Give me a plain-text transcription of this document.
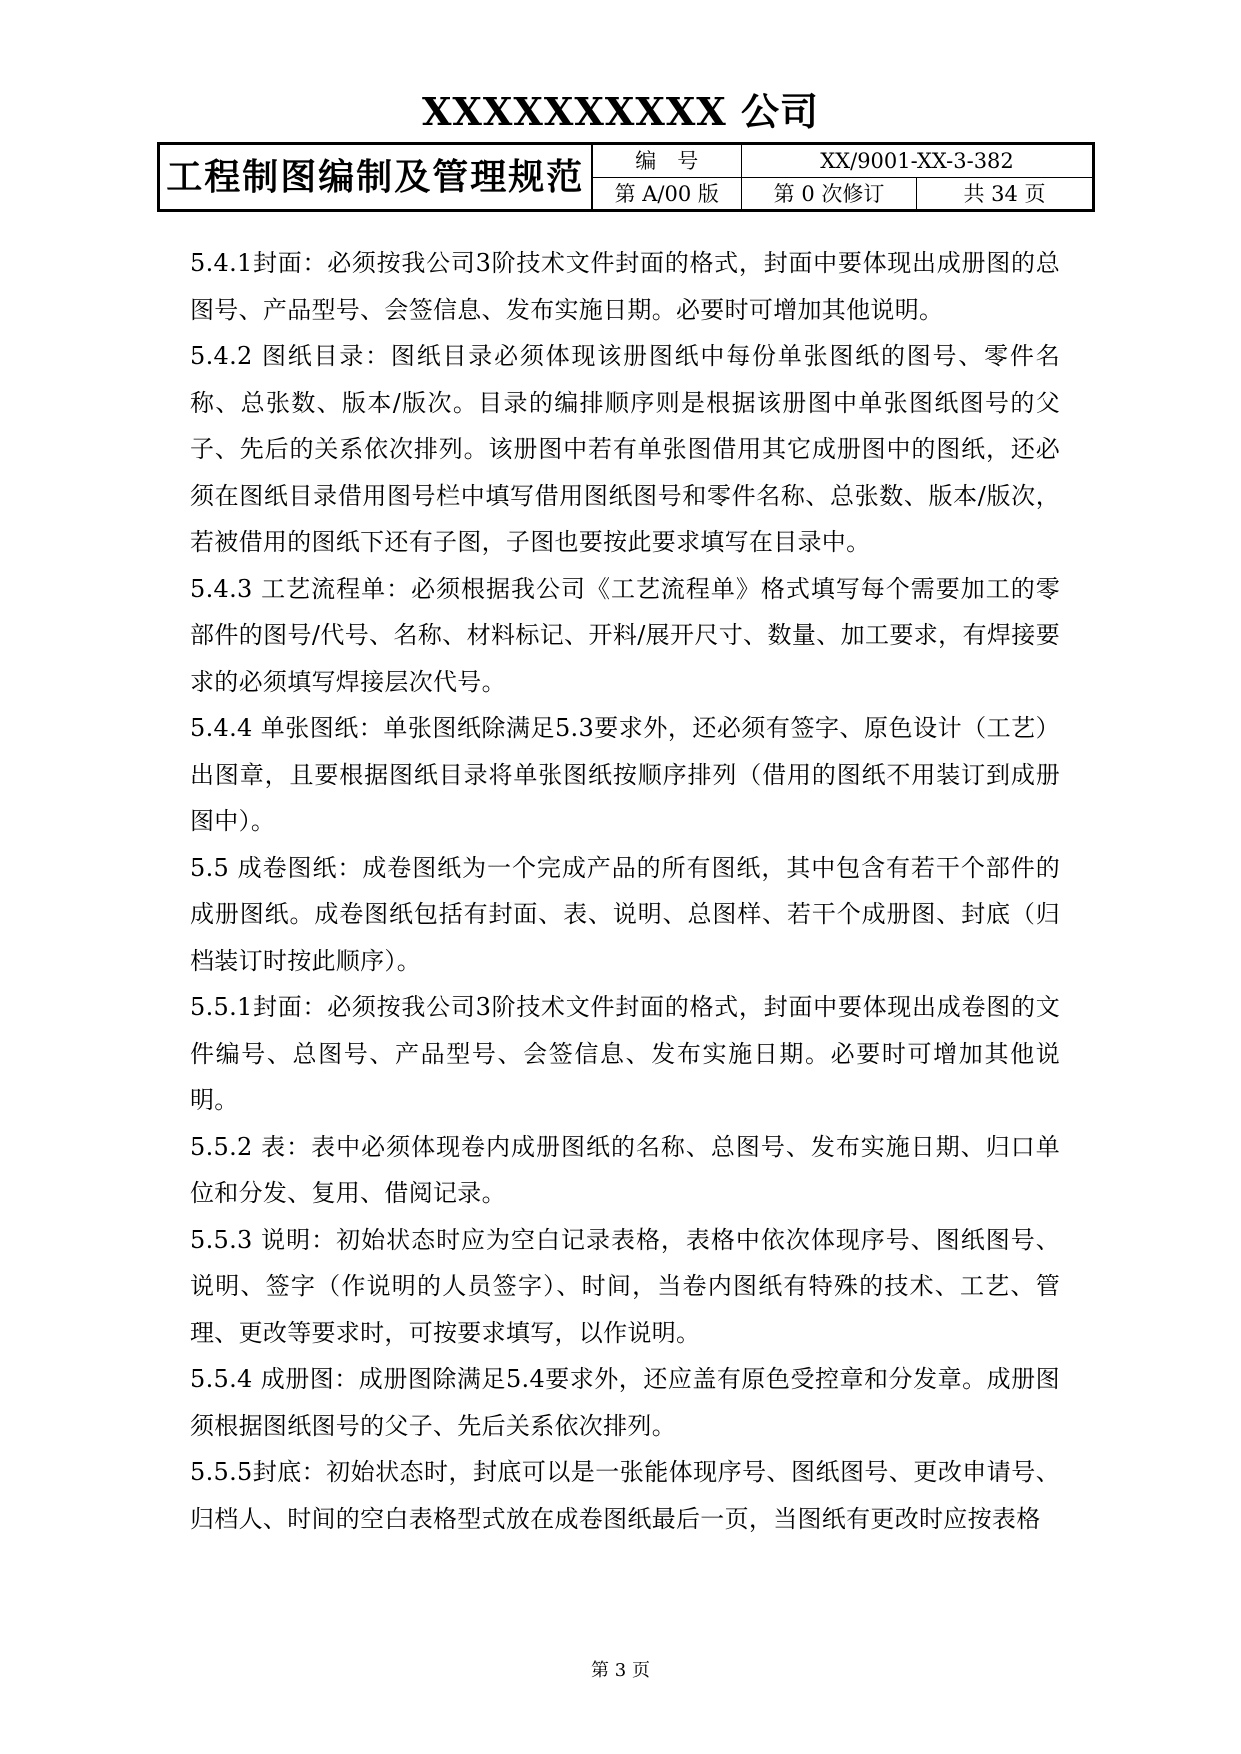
XXXXXXXXXX 公司
工程制图编制及管理规范	编　号	XX/9001-XX-3-382	
	第 A/00 版	第 0 次修订	共 34 页

5.4.1封面：必须按我公司3阶技术文件封面的格式，封面中要体现出成册图的总图号、产品型号、会签信息、发布实施日期。必要时可增加其他说明。

5.4.2 图纸目录：图纸目录必须体现该册图纸中每份单张图纸的图号、零件名称、总张数、版本/版次。目录的编排顺序则是根据该册图中单张图纸图号的父子、先后的关系依次排列。该册图中若有单张图借用其它成册图中的图纸，还必须在图纸目录借用图号栏中填写借用图纸图号和零件名称、总张数、版本/版次，若被借用的图纸下还有子图，子图也要按此要求填写在目录中。

5.4.3 工艺流程单：必须根据我公司《工艺流程单》格式填写每个需要加工的零部件的图号/代号、名称、材料标记、开料/展开尺寸、数量、加工要求，有焊接要求的必须填写焊接层次代号。

5.4.4 单张图纸：单张图纸除满足5.3要求外，还必须有签字、原色设计（工艺）出图章，且要根据图纸目录将单张图纸按顺序排列（借用的图纸不用装订到成册图中）。

5.5 成卷图纸：成卷图纸为一个完成产品的所有图纸，其中包含有若干个部件的成册图纸。成卷图纸包括有封面、表、说明、总图样、若干个成册图、封底（归档装订时按此顺序）。

5.5.1封面：必须按我公司3阶技术文件封面的格式，封面中要体现出成卷图的文件编号、总图号、产品型号、会签信息、发布实施日期。必要时可增加其他说明。

5.5.2 表：表中必须体现卷内成册图纸的名称、总图号、发布实施日期、归口单位和分发、复用、借阅记录。

5.5.3 说明：初始状态时应为空白记录表格，表格中依次体现序号、图纸图号、说明、签字（作说明的人员签字）、时间，当卷内图纸有特殊的技术、工艺、管理、更改等要求时，可按要求填写，以作说明。

5.5.4 成册图：成册图除满足5.4要求外，还应盖有原色受控章和分发章。成册图须根据图纸图号的父子、先后关系依次排列。

5.5.5封底：初始状态时，封底可以是一张能体现序号、图纸图号、更改申请号、归档人、时间的空白表格型式放在成卷图纸最后一页，当图纸有更改时应按表格

第 3 页
